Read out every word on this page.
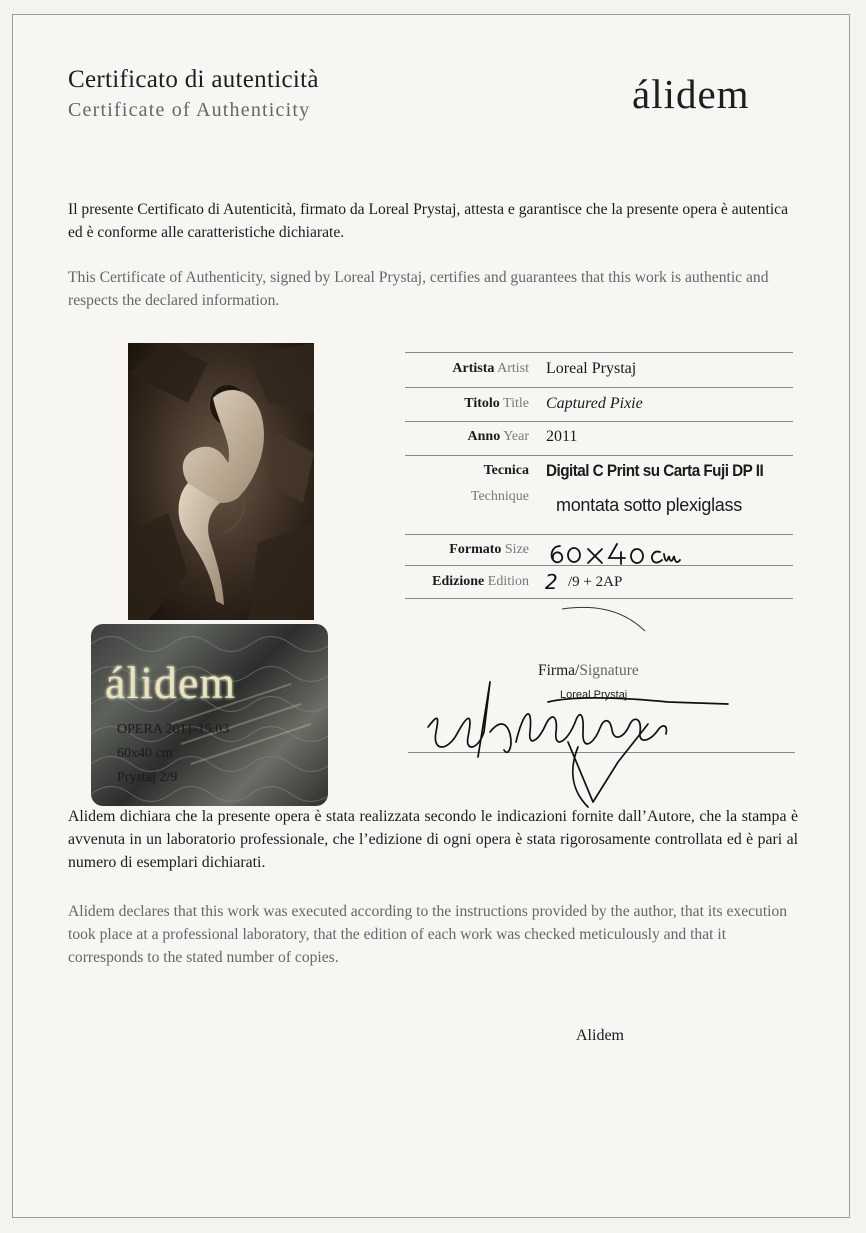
Certificato di autenticità
Certificate of Authenticity	álidem
Il presente Certificato di Autenticità, firmato da Loreal Prystaj, attesta e garantisce che la presente opera è autentica ed è conforme alle caratteristiche dichiarate.
This Certificate of Authenticity, signed by Loreal Prystaj, certifies and guarantees that this work is authentic and respects the declared information.
álidem
OPERA 2011-15.03
60x40 cm
Prystaj 2/9
Artista Artist Loreal Prystaj
Titolo Title Captured Pixie
Anno Year 2011
Tecnica
Technique
Digital C Print su Carta Fuji DP II
montata sotto plexiglass
Formato Size
Edizione Edition 2 /9 + 2AP
Firma/Signature
Loreal Prystaj
Alidem dichiara che la presente opera è stata realizzata secondo le indicazioni fornite dall’Autore, che la stampa è avvenuta in un laboratorio professionale, che l’edizione di ogni opera è stata rigorosamente controllata ed è pari al numero di esemplari dichiarati.
Alidem declares that this work was executed according to the instructions provided by the author, that its execution took place at a professional laboratory, that the edition of each work was checked meticulously and that it corresponds to the stated number of copies.
Alidem
